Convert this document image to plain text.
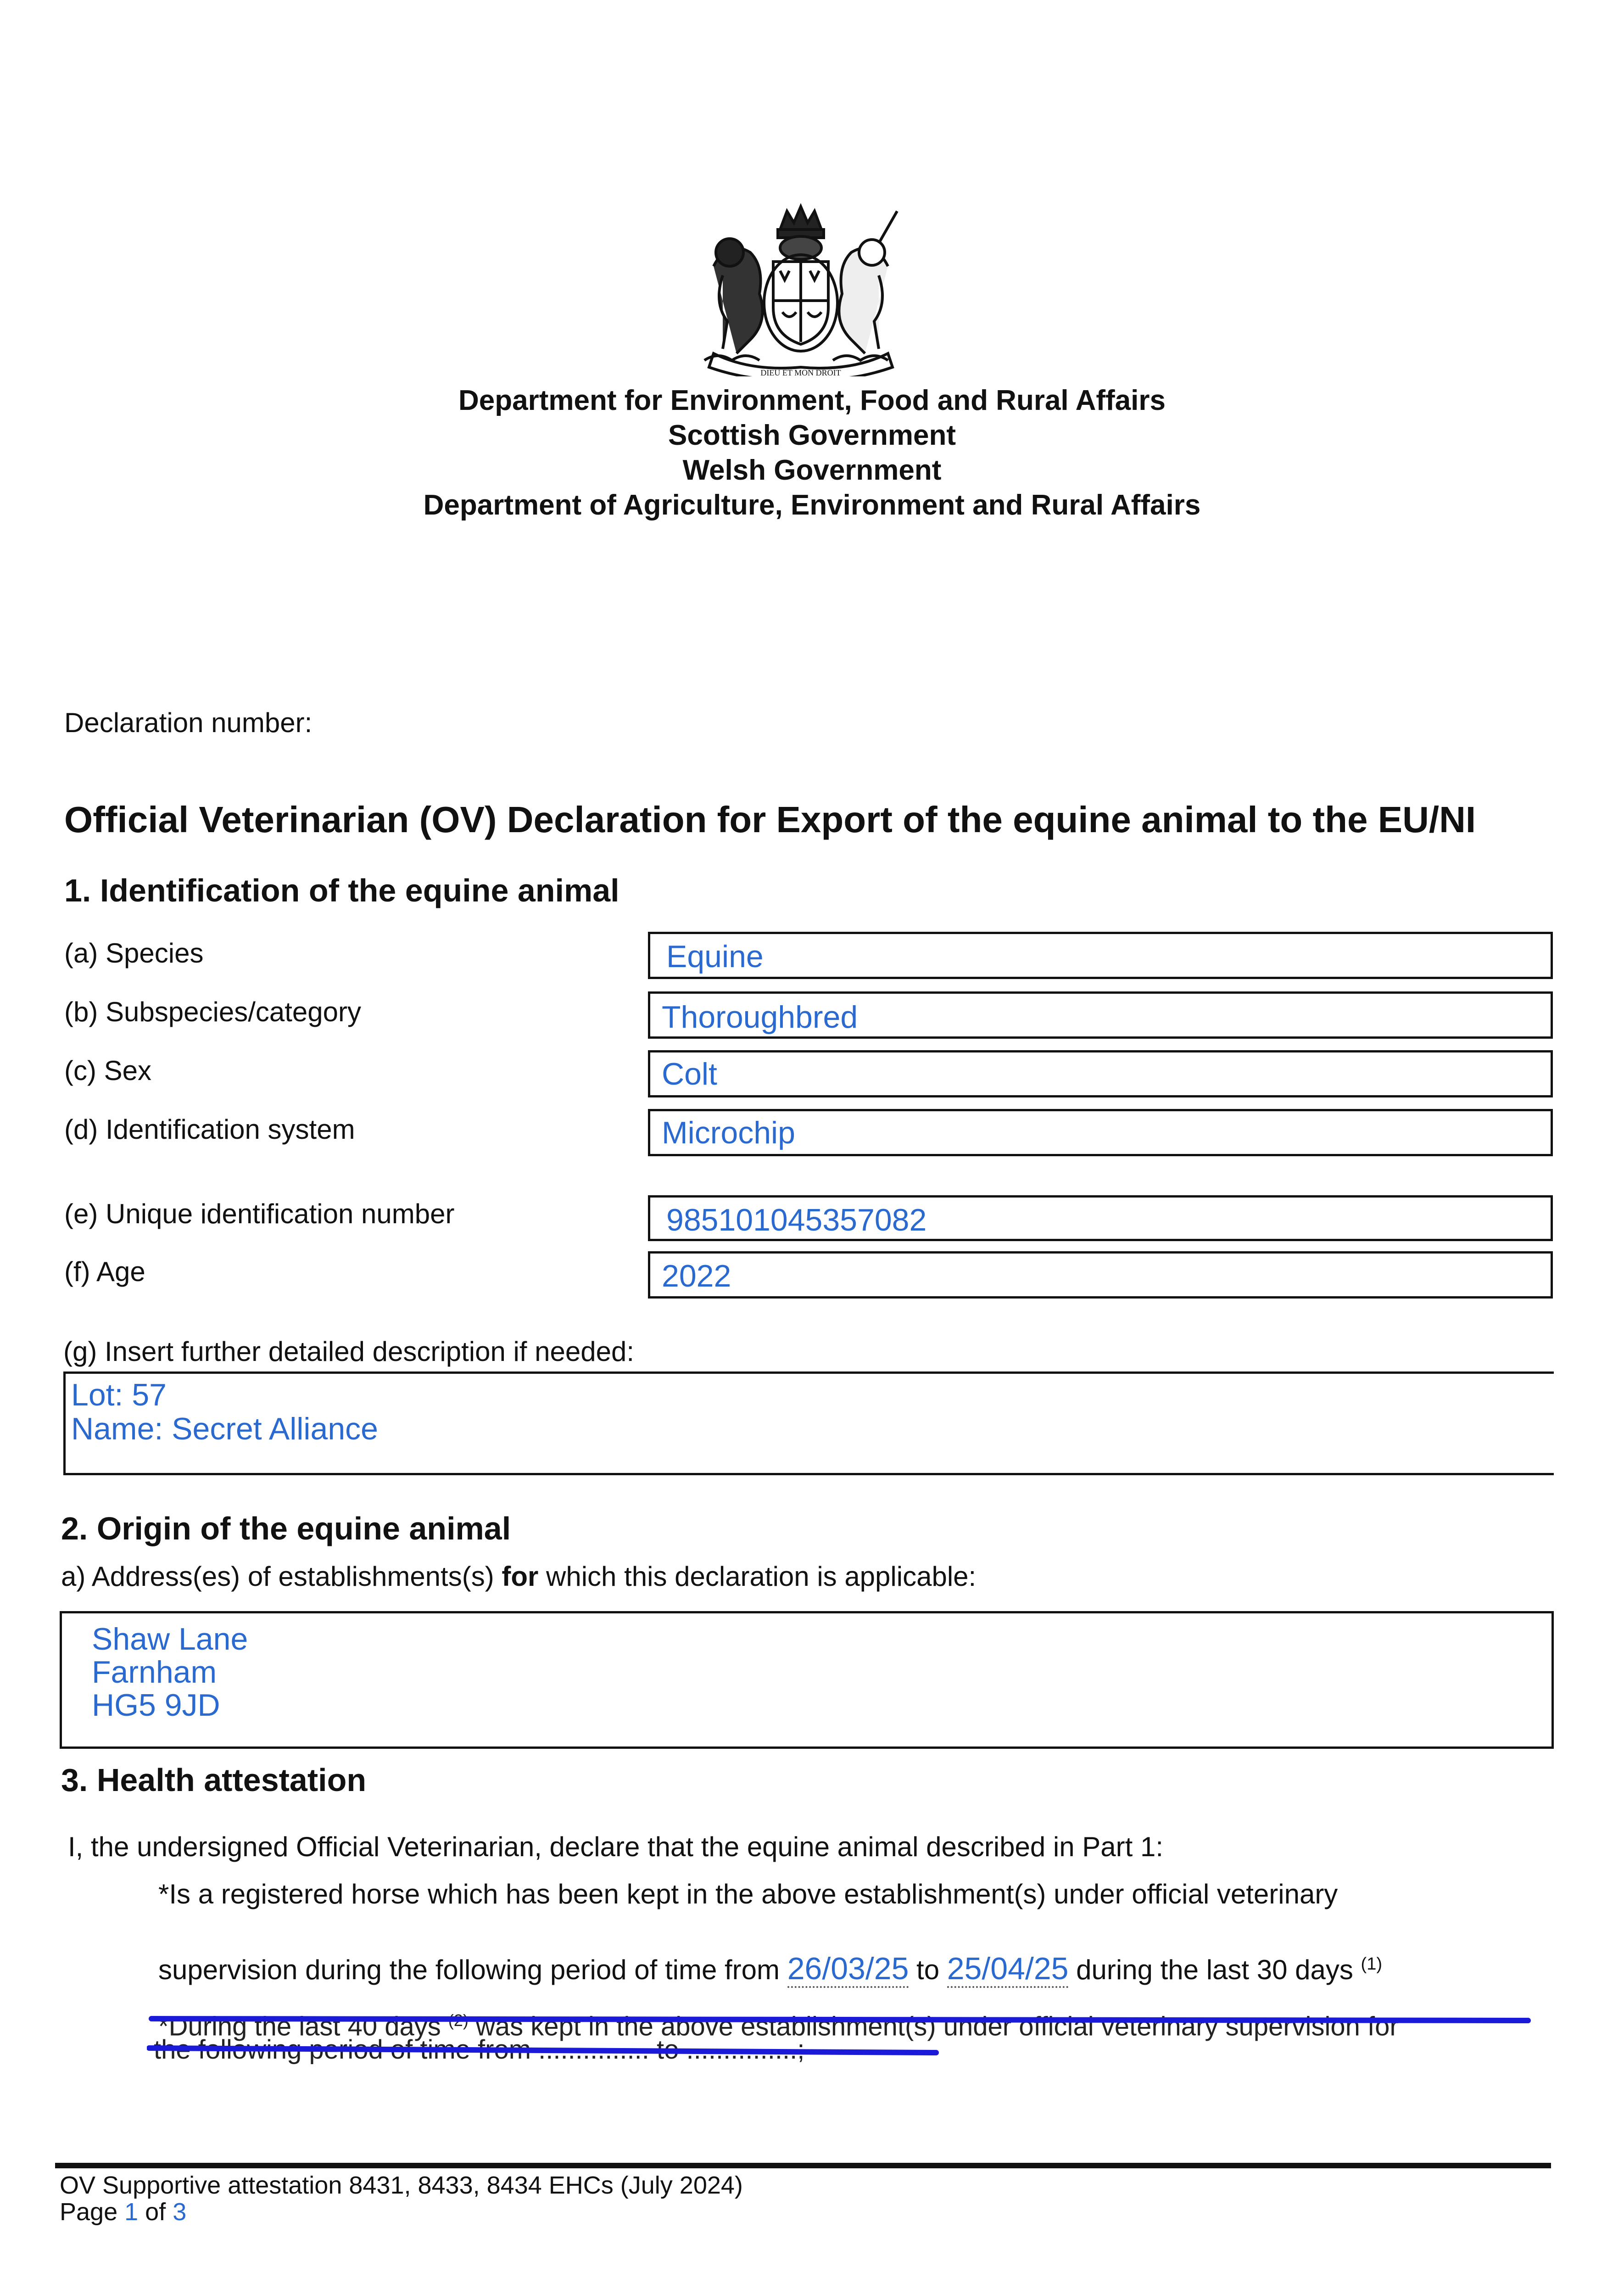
DIEU ET MON DROIT
Department for Environment, Food and Rural Affairs
Scottish Government
Welsh Government
Department of Agriculture, Environment and Rural Affairs
Declaration number:
Official Veterinarian (OV) Declaration for Export of the equine animal to the EU/NI
1. Identification of the equine animal
(a) Species	Equine
(b) Subspecies/category	Thoroughbred
(c) Sex	Colt
(d) Identification system	Microchip
(e) Unique identification number	985101045357082
(f) Age	2022
(g) Insert further detailed description if needed:
Lot: 57
Name: Secret Alliance
2. Origin of the equine animal
a) Address(es) of establishments(s) for which this declaration is applicable:
Shaw Lane
Farnham
HG5 9JD
3. Health attestation
I, the undersigned Official Veterinarian, declare that the equine animal described in Part 1:
*Is a registered horse which has been kept in the above establishment(s) under official veterinary

supervision during the following period of time from 26/03/25 to 25/04/25 during the last 30 days $^{(1)}$

*During the last 40 days $^{(2)}$ was kept in the above establishment(s) under official veterinary supervision for
the following period of time from ............... to ...............;
OV Supportive attestation 8431, 8433, 8434 EHCs (July 2024)
Page 1 of 3
